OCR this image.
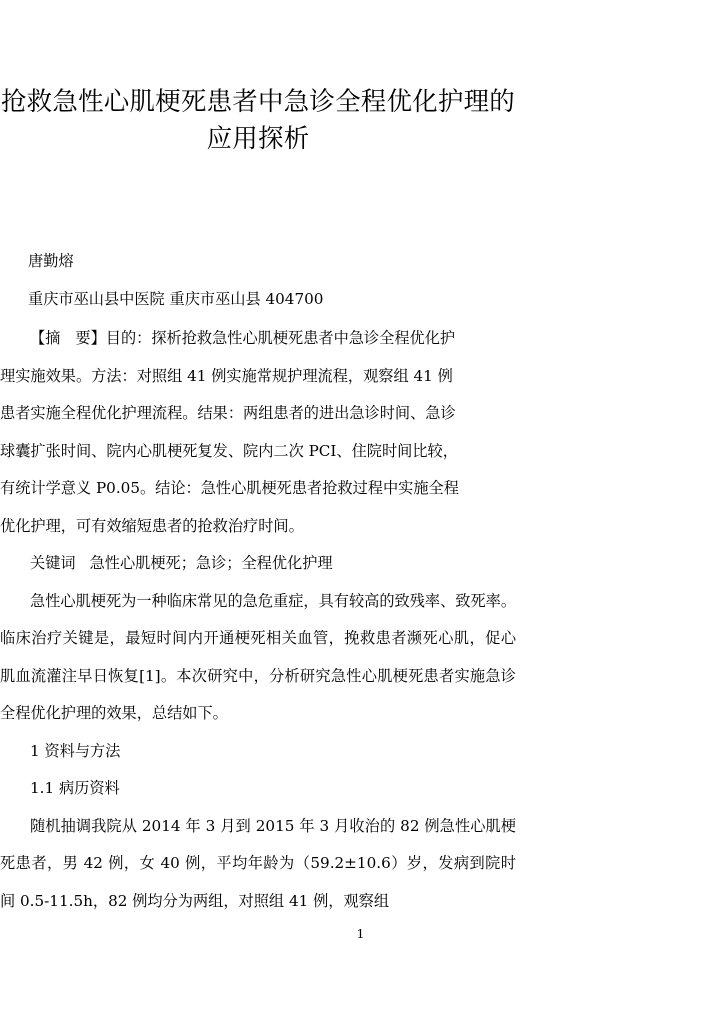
抢救急性心肌梗死患者中急诊全程优化护理的应用探析

唐勤熔

重庆市巫山县中医院 重庆市巫山县 404700

【摘 要】目的：探析抢救急性心肌梗死患者中急诊全程优化护

理实施效果。方法：对照组 41 例实施常规护理流程，观察组 41 例

患者实施全程优化护理流程。结果：两组患者的进出急诊时间、急诊

球囊扩张时间、院内心肌梗死复发、院内二次 PCI、住院时间比较，

有统计学意义 P0.05。结论：急性心肌梗死患者抢救过程中实施全程

优化护理，可有效缩短患者的抢救治疗时间。

关键词 急性心肌梗死；急诊；全程优化护理

急性心肌梗死为一种临床常见的急危重症，具有较高的致残率、致死率。临床治疗关键是，最短时间内开通梗死相关血管，挽救患者濒死心肌，促心肌血流灌注早日恢复[1]。本次研究中，分析研究急性心肌梗死患者实施急诊全程优化护理的效果，总结如下。

1 资料与方法

1.1 病历资料

随机抽调我院从 2014 年 3 月到 2015 年 3 月收治的 82 例急性心肌梗死患者，男 42 例，女 40 例，平均年龄为（59.2±10.6）岁，发病到院时间 0.5-11.5h，82 例均分为两组，对照组 41 例，观察组

1
